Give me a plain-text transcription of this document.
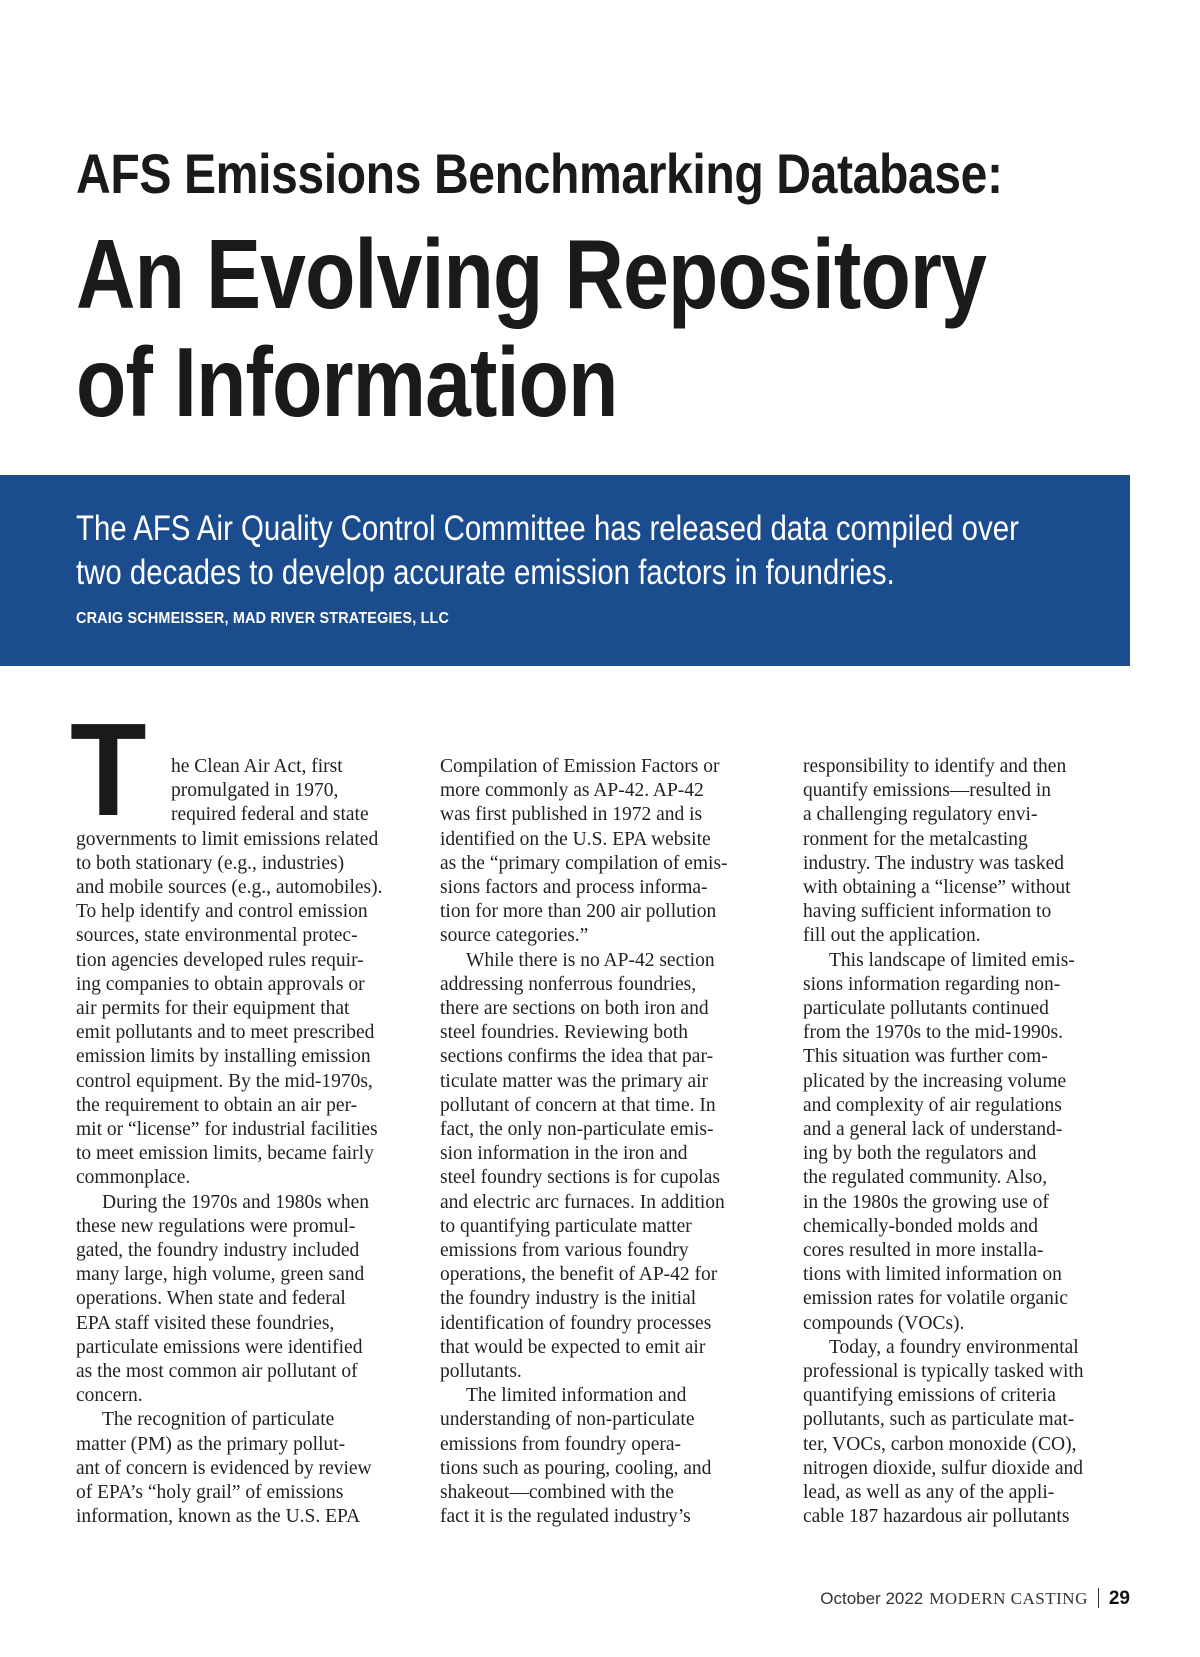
AFS Emissions Benchmarking Database:
An Evolving Repository
of Information
The AFS Air Quality Control Committee has released data compiled over
two decades to develop accurate emission factors in foundries.
CRAIG SCHMEISSER, MAD RIVER STRATEGIES, LLC
T	he Clean Air Act, first
promulgated in 1970,
required federal and state
governments to limit emissions related
to both stationary (e.g., industries)
and mobile sources (e.g., automobiles).
To help identify and control emission
sources, state environmental protec-
tion agencies developed rules requir-
ing companies to obtain approvals or
air permits for their equipment that
emit pollutants and to meet prescribed
emission limits by installing emission
control equipment. By the mid-1970s,
the requirement to obtain an air per-
mit or “license” for industrial facilities
to meet emission limits, became fairly
commonplace.
During the 1970s and 1980s when
these new regulations were promul-
gated, the foundry industry included
many large, high volume, green sand
operations. When state and federal
EPA staff visited these foundries,
particulate emissions were identified
as the most common air pollutant of
concern.
The recognition of particulate
matter (PM) as the primary pollut-
ant of concern is evidenced by review
of EPA’s “holy grail” of emissions
information, known as the U.S. EPA
Compilation of Emission Factors or
more commonly as AP-42. AP-42
was first published in 1972 and is
identified on the U.S. EPA website
as the “primary compilation of emis-
sions factors and process informa-
tion for more than 200 air pollution
source categories.”
While there is no AP-42 section
addressing nonferrous foundries,
there are sections on both iron and
steel foundries. Reviewing both
sections confirms the idea that par-
ticulate matter was the primary air
pollutant of concern at that time. In
fact, the only non-particulate emis-
sion information in the iron and
steel foundry sections is for cupolas
and electric arc furnaces. In addition
to quantifying particulate matter
emissions from various foundry
operations, the benefit of AP-42 for
the foundry industry is the initial
identification of foundry processes
that would be expected to emit air
pollutants.
The limited information and
understanding of non-particulate
emissions from foundry opera-
tions such as pouring, cooling, and
shakeout—combined with the
fact it is the regulated industry’s
responsibility to identify and then
quantify emissions—resulted in
a challenging regulatory envi-
ronment for the metalcasting
industry. The industry was tasked
with obtaining a “license” without
having sufficient information to
fill out the application.
This landscape of limited emis-
sions information regarding non-
particulate pollutants continued
from the 1970s to the mid-1990s.
This situation was further com-
plicated by the increasing volume
and complexity of air regulations
and a general lack of understand-
ing by both the regulators and
the regulated community. Also,
in the 1980s the growing use of
chemically-bonded molds and
cores resulted in more installa-
tions with limited information on
emission rates for volatile organic
compounds (VOCs).
Today, a foundry environmental
professional is typically tasked with
quantifying emissions of criteria
pollutants, such as particulate mat-
ter, VOCs, carbon monoxide (CO),
nitrogen dioxide, sulfur dioxide and
lead, as well as any of the appli-
cable 187 hazardous air pollutants
October 2022 MODERN CASTING 29
